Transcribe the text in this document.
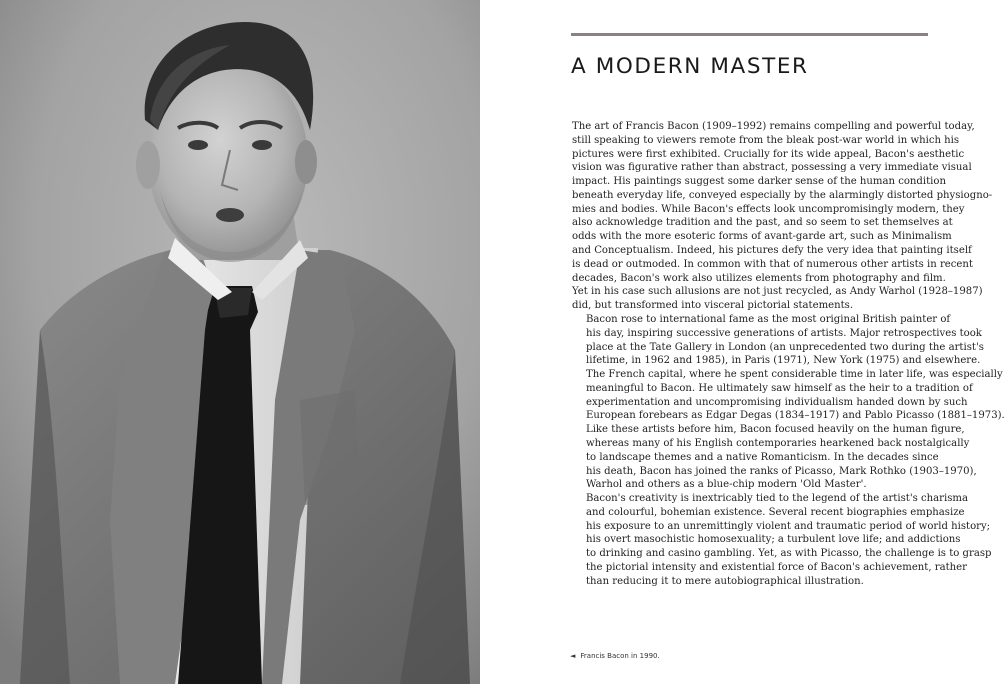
A MODERN MASTER

The art of Francis Bacon (1909–1992) remains compelling and powerful today,
still speaking to viewers remote from the bleak post-war world in which his
pictures were first exhibited. Crucially for its wide appeal, Bacon's aesthetic
vision was figurative rather than abstract, possessing a very immediate visual
impact. His paintings suggest some darker sense of the human condition
beneath everyday life, conveyed especially by the alarmingly distorted physiogno-
mies and bodies. While Bacon's effects look uncompromisingly modern, they
also acknowledge tradition and the past, and so seem to set themselves at
odds with the more esoteric forms of avant-garde art, such as Minimalism
and Conceptualism. Indeed, his pictures defy the very idea that painting itself
is dead or outmoded. In common with that of numerous other artists in recent
decades, Bacon's work also utilizes elements from photography and film.
Yet in his case such allusions are not just recycled, as Andy Warhol (1928–1987)
did, but transformed into visceral pictorial statements.

Bacon rose to international fame as the most original British painter of
his day, inspiring successive generations of artists. Major retrospectives took
place at the Tate Gallery in London (an unprecedented two during the artist's
lifetime, in 1962 and 1985), in Paris (1971), New York (1975) and elsewhere.
The French capital, where he spent considerable time in later life, was especially
meaningful to Bacon. He ultimately saw himself as the heir to a tradition of
experimentation and uncompromising individualism handed down by such
European forebears as Edgar Degas (1834–1917) and Pablo Picasso (1881–1973).
Like these artists before him, Bacon focused heavily on the human figure,
whereas many of his English contemporaries hearkened back nostalgically
to landscape themes and a native Romanticism. In the decades since
his death, Bacon has joined the ranks of Picasso, Mark Rothko (1903–1970),
Warhol and others as a blue-chip modern 'Old Master'.

Bacon's creativity is inextricably tied to the legend of the artist's charisma
and colourful, bohemian existence. Several recent biographies emphasize
his exposure to an unremittingly violent and traumatic period of world history;
his overt masochistic homosexuality; a turbulent love life; and addictions
to drinking and casino gambling. Yet, as with Picasso, the challenge is to grasp
the pictorial intensity and existential force of Bacon's achievement, rather
than reducing it to mere autobiographical illustration.

◄ Francis Bacon in 1990.
